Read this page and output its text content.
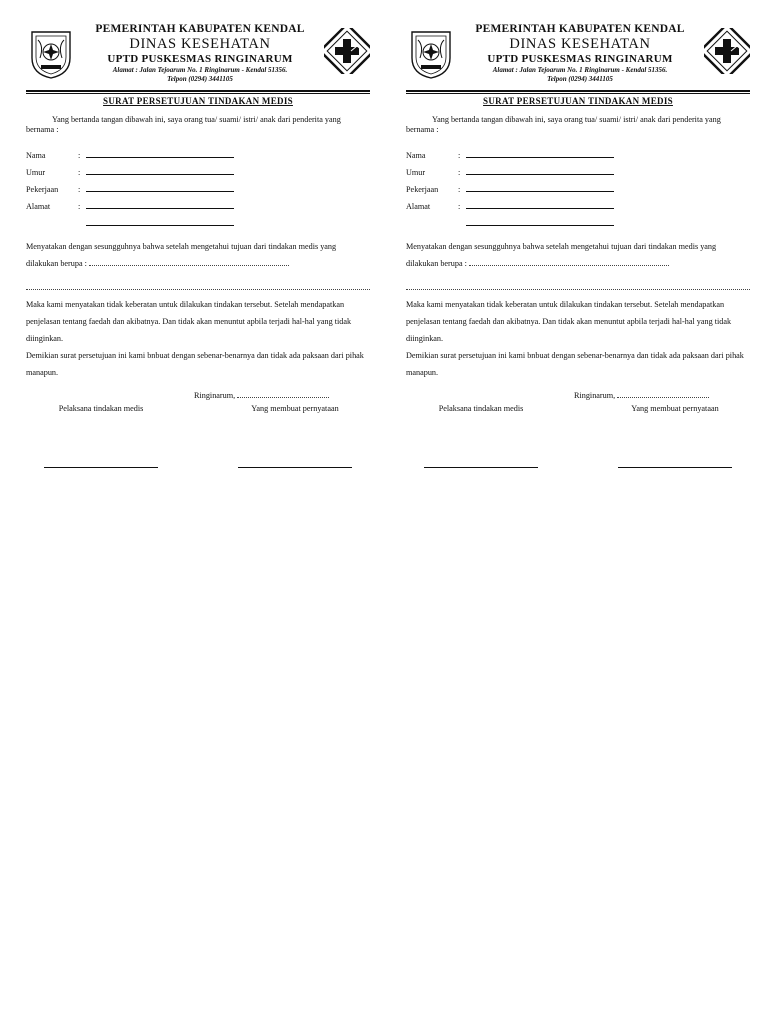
PEMERINTAH KABUPATEN KENDAL
DINAS KESEHATAN
UPTD PUSKESMAS RINGINARUM
Alamat : Jalan Tejoarum No. 1 Ringinarum - Kendal 51356.
Telpon (0294) 3441105
SURAT PERSETUJUAN TINDAKAN MEDIS
Yang bertanda tangan dibawah ini, saya orang tua/ suami/ istri/ anak dari penderita yang bernama :
Nama	:
Umur	:
Pekerjaan	:
Alamat	:
Menyatakan dengan sesungguhnya bahwa setelah mengetahui tujuan dari tindakan medis yang dilakukan berupa :
Maka kami menyatakan tidak keberatan untuk dilakukan tindakan tersebut. Setelah mendapatkan penjelasan tentang faedah dan akibatnya. Dan tidak akan menuntut apbila terjadi hal-hal yang tidak diinginkan.
Demikian surat persetujuan ini kami bnbuat dengan sebenar-benarnya dan tidak ada paksaan dari pihak manapun.
Ringinarum,
Pelaksana tindakan medis	Yang membuat pernyataan
PEMERINTAH KABUPATEN KENDAL
DINAS KESEHATAN
UPTD PUSKESMAS RINGINARUM
Alamat : Jalan Tejoarum No. 1 Ringinarum - Kendal 51356.
Telpon (0294) 3441105
SURAT PERSETUJUAN TINDAKAN MEDIS
Yang bertanda tangan dibawah ini, saya orang tua/ suami/ istri/ anak dari penderita yang bernama :
Nama	:
Umur	:
Pekerjaan	:
Alamat	:
Menyatakan dengan sesungguhnya bahwa setelah mengetahui tujuan dari tindakan medis yang dilakukan berupa :
Maka kami menyatakan tidak keberatan untuk dilakukan tindakan tersebut. Setelah mendapatkan penjelasan tentang faedah dan akibatnya. Dan tidak akan menuntut apbila terjadi hal-hal yang tidak diinginkan.
Demikian surat persetujuan ini kami bnbuat dengan sebenar-benarnya dan tidak ada paksaan dari pihak manapun.
Ringinarum,
Pelaksana tindakan medis	Yang membuat pernyataan
